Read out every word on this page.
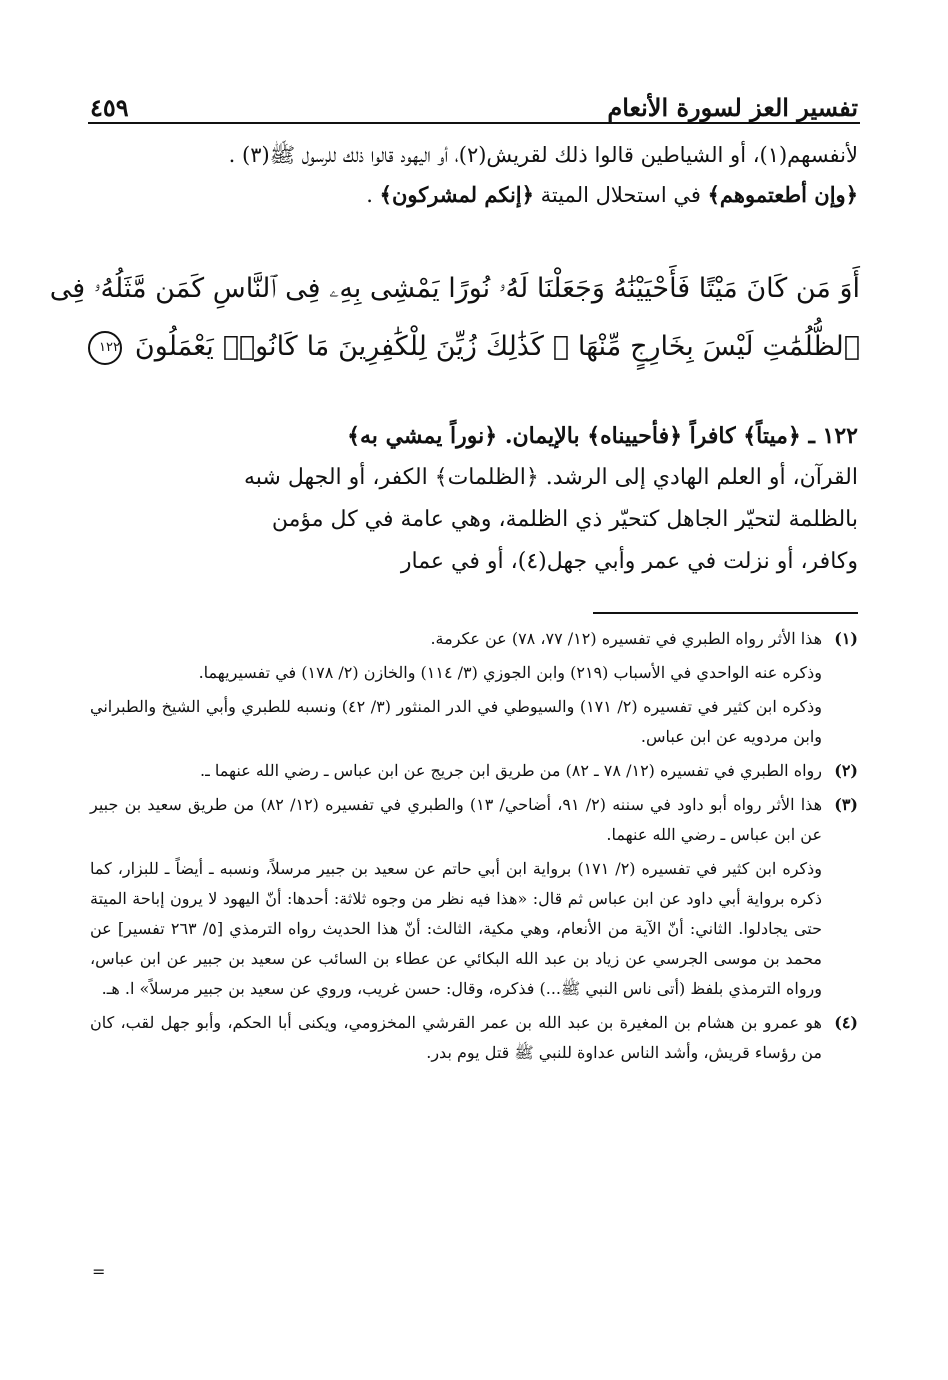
تفسير العز لسورة الأنعام
٤٥٩

لأنفسهم(١)، أو الشياطين قالوا ذلك لقريش(٢)، أو اليهود قالوا ذلك للرسول ﷺ(٣) .

﴿وإن أطعتموهم﴾ في استحلال الميتة ﴿إنكم لمشركون﴾ .

أَوَ مَن كَانَ مَيْتًا فَأَحْيَيْنَٰهُ وَجَعَلْنَا لَهُۥ نُورًا يَمْشِى بِهِۦ فِى ٱلنَّاسِ كَمَن مَّثَلُهُۥ فِى
ٱلظُّلُمَٰتِ لَيْسَ بِخَارِجٍ مِّنْهَا ۚ كَذَٰلِكَ زُيِّنَ لِلْكَٰفِرِينَ مَا كَانُوا۟ يَعْمَلُونَ ١٢٢

١٢٢ ـ ﴿ميتاً﴾ كافراً ﴿فأحييناه﴾ بالإيمان. ﴿نوراً يمشي به﴾

القرآن، أو العلم الهادي إلى الرشد. ﴿الظلمات﴾ الكفر، أو الجهل شبه

بالظلمة لتحيّر الجاهل كتحيّر ذي الظلمة، وهي عامة في كل مؤمن

وكافر، أو نزلت في عمر وأبي جهل(٤)، أو في عمار

(١)

هذا الأثر رواه الطبري في تفسيره (١٢/ ٧٧، ٧٨) عن عكرمة.

وذكره عنه الواحدي في الأسباب (٢١٩) وابن الجوزي (٣/ ١١٤) والخازن (٢/ ١٧٨) في تفسيريهما.

وذكره ابن كثير في تفسيره (٢/ ١٧١) والسيوطي في الدر المنثور (٣/ ٤٢) ونسبه للطبري وأبي الشيخ والطبراني وابن مردويه عن ابن عباس.

(٢)

رواه الطبري في تفسيره (١٢/ ٧٨ ـ ٨٢) من طريق ابن جريج عن ابن عباس ـ رضي الله عنهما ـ.

(٣)

هذا الأثر رواه أبو داود في سننه (٢/ ٩١، أضاحي/ ١٣) والطبري في تفسيره (١٢/ ٨٢) من طريق سعيد بن جبير عن ابن عباس ـ رضي الله عنهما.

وذكره ابن كثير في تفسيره (٢/ ١٧١) برواية ابن أبي حاتم عن سعيد بن جبير مرسلاً، ونسبه ـ أيضاً ـ للبزار، كما ذكره برواية أبي داود عن ابن عباس ثم قال: «هذا فيه نظر من وجوه ثلاثة: أحدها: أنّ اليهود لا يرون إباحة الميتة حتى يجادلوا. الثاني: أنّ الآية من الأنعام، وهي مكية، الثالث: أنّ هذا الحديث رواه الترمذي [٥/ ٢٦٣ تفسير] عن محمد بن موسى الجرسي عن زياد بن عبد الله البكائي عن عطاء بن السائب عن سعيد بن جبير عن ابن عباس، ورواه الترمذي بلفظ (أتى ناس النبي ﷺ...) فذكره، وقال: حسن غريب، وروي عن سعيد بن جبير مرسلاً» ا. هـ.

(٤)

هو عمرو بن هشام بن المغيرة بن عبد الله بن عمر القرشي المخزومي، ويكنى أبا الحكم، وأبو جهل لقب، كان من رؤساء قريش، وأشد الناس عداوة للنبي ﷺ قتل يوم بدر.

=
